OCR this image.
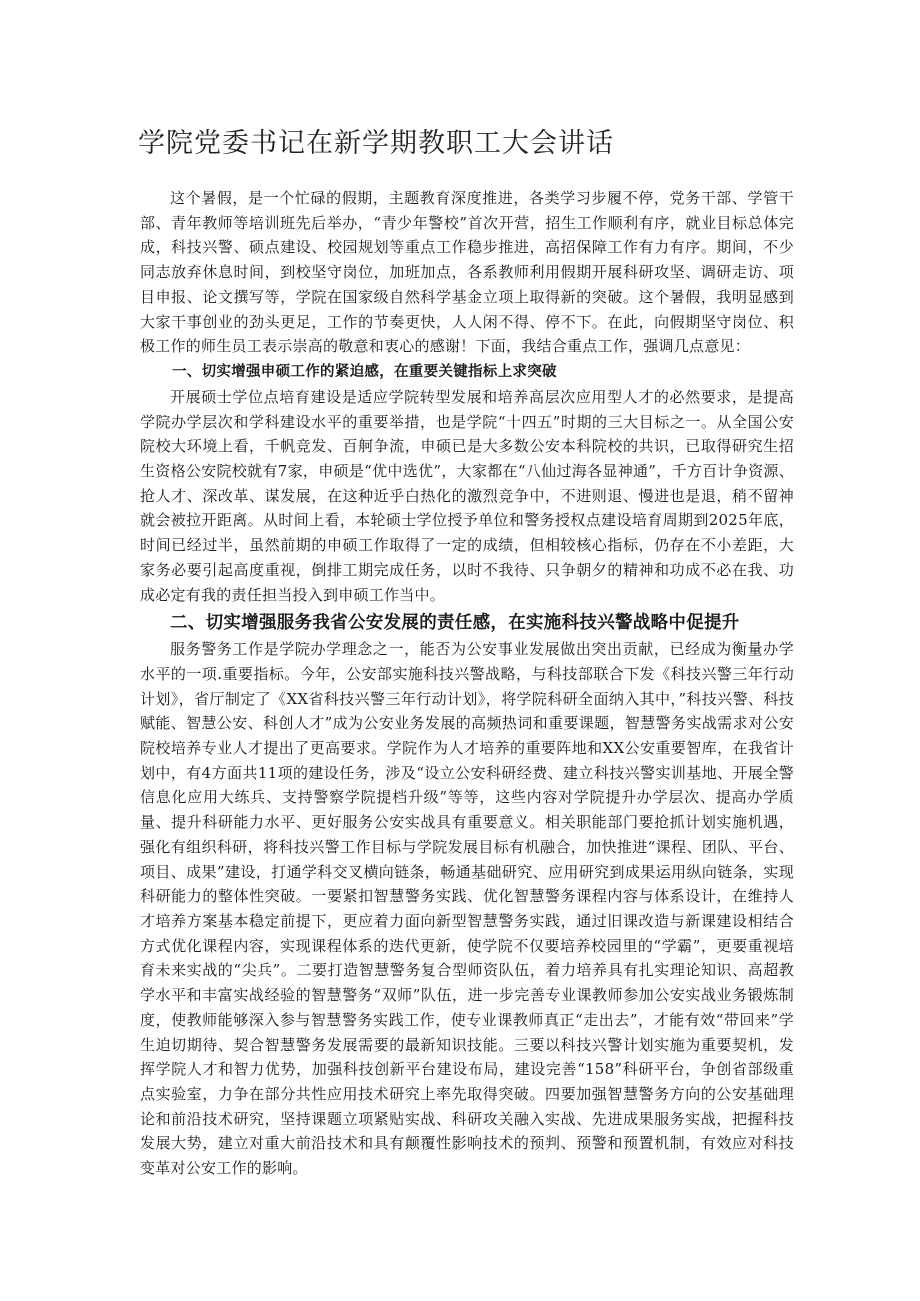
学院党委书记在新学期教职工大会讲话

这个暑假，是一个忙碌的假期，主题教育深度推进，各类学习步履不停，党务干部、学管干部、青年教师等培训班先后举办，“青少年警校”首次开营，招生工作顺利有序，就业目标总体完成，科技兴警、硕点建设、校园规划等重点工作稳步推进，高招保障工作有力有序。期间，不少同志放弃休息时间，到校坚守岗位，加班加点，各系教师利用假期开展科研攻坚、调研走访、项目申报、论文撰写等，学院在国家级自然科学基金立项上取得新的突破。这个暑假，我明显感到大家干事创业的劲头更足，工作的节奏更快，人人闲不得、停不下。在此，向假期坚守岗位、积极工作的师生员工表示崇高的敬意和衷心的感谢！下面，我结合重点工作，强调几点意见：

一、切实增强申硕工作的紧迫感，在重要关键指标上求突破

开展硕士学位点培育建设是适应学院转型发展和培养高层次应用型人才的必然要求，是提高学院办学层次和学科建设水平的重要举措，也是学院“十四五”时期的三大目标之一。从全国公安院校大环境上看，千帆竞发、百舸争流，申硕已是大多数公安本科院校的共识，已取得研究生招生资格公安院校就有7家，申硕是“优中选优”，大家都在“八仙过海各显神通”，千方百计争资源、抢人才、深改革、谋发展，在这种近乎白热化的激烈竞争中，不进则退、慢进也是退，稍不留神就会被拉开距离。从时间上看，本轮硕士学位授予单位和警务授权点建设培育周期到2025年底，时间已经过半，虽然前期的申硕工作取得了一定的成绩，但相较核心指标，仍存在不小差距，大家务必要引起高度重视，倒排工期完成任务，以时不我待、只争朝夕的精神和功成不必在我、功成必定有我的责任担当投入到申硕工作当中。

二、切实增强服务我省公安发展的责任感，在实施科技兴警战略中促提升

服务警务工作是学院办学理念之一，能否为公安事业发展做出突出贡献，已经成为衡量办学水平的一项.重要指标。今年，公安部实施科技兴警战略，与科技部联合下发《科技兴警三年行动计划》，省厅制定了《XX省科技兴警三年行动计划》，将学院科研全面纳入其中，”科技兴警、科技赋能、智慧公安、科创人才”成为公安业务发展的高频热词和重要课题，智慧警务实战需求对公安院校培养专业人才提出了更高要求。学院作为人才培养的重要阵地和XX公安重要智库，在我省计划中，有4方面共11项的建设任务，涉及“设立公安科研经费、建立科技兴警实训基地、开展全警信息化应用大练兵、支持警察学院提档升级”等等，这些内容对学院提升办学层次、提高办学质量、提升科研能力水平、更好服务公安实战具有重要意义。相关职能部门要抢抓计划实施机遇，强化有组织科研，将科技兴警工作目标与学院发展目标有机融合，加快推进“课程、团队、平台、项目、成果”建设，打通学科交叉横向链条，畅通基础研究、应用研究到成果运用纵向链条，实现科研能力的整体性突破。一要紧扣智慧警务实践、优化智慧警务课程内容与体系设计，在维持人才培养方案基本稳定前提下，更应着力面向新型智慧警务实践，通过旧课改造与新课建设相结合方式优化课程内容，实现课程体系的迭代更新，使学院不仅要培养校园里的“学霸”，更要重视培育未来实战的“尖兵”。二要打造智慧警务复合型师资队伍，着力培养具有扎实理论知识、高超教学水平和丰富实战经验的智慧警务“双师”队伍，进一步完善专业课教师参加公安实战业务锻炼制度，使教师能够深入参与智慧警务实践工作，使专业课教师真正“走出去”，才能有效“带回来”学生迫切期待、契合智慧警务发展需要的最新知识技能。三要以科技兴警计划实施为重要契机，发挥学院人才和智力优势，加强科技创新平台建设布局，建设完善“158”科研平台，争创省部级重点实验室，力争在部分共性应用技术研究上率先取得突破。四要加强智慧警务方向的公安基础理论和前沿技术研究，坚持课题立项紧贴实战、科研攻关融入实战、先进成果服务实战，把握科技发展大势，建立对重大前沿技术和具有颠覆性影响技术的预判、预警和预置机制，有效应对科技变革对公安工作的影响。
